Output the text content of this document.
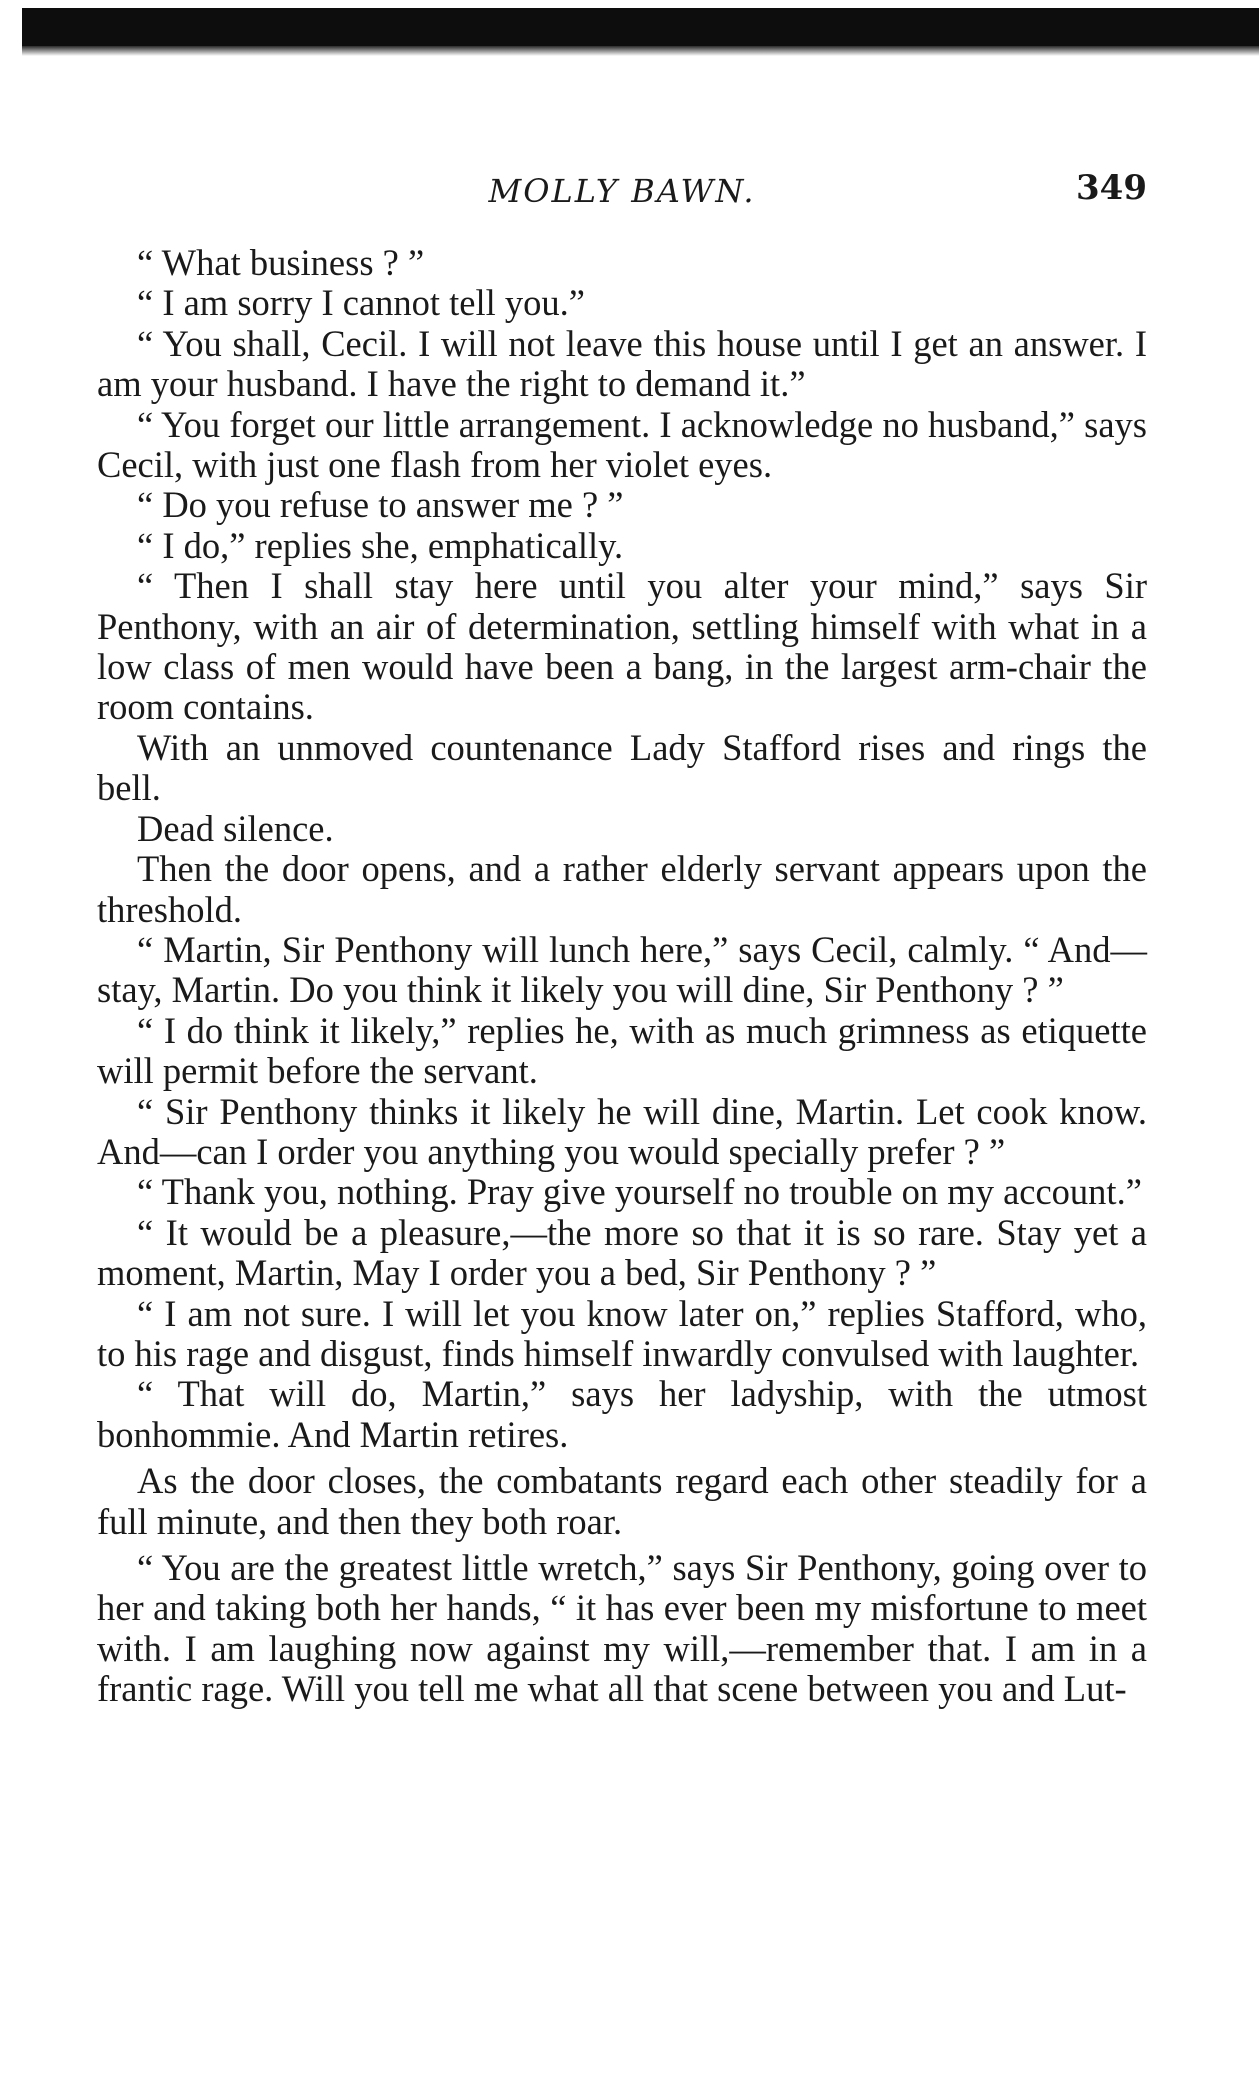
MOLLY BAWN.	349

“ What business ? ”

“ I am sorry I cannot tell you.”

“ You shall, Cecil. I will not leave this house until I get an answer. I am your husband. I have the right to demand it.”

“ You forget our little arrangement. I acknowledge no husband,” says Cecil, with just one flash from her violet eyes.

“ Do you refuse to answer me ? ”

“ I do,” replies she, emphatically.

“ Then I shall stay here until you alter your mind,” says Sir Penthony, with an air of determination, settling himself with what in a low class of men would have been a bang, in the largest arm-chair the room contains.

With an unmoved countenance Lady Stafford rises and rings the bell.

Dead silence.

Then the door opens, and a rather elderly servant appears upon the threshold.

“ Martin, Sir Penthony will lunch here,” says Cecil, calmly. “ And—stay, Martin. Do you think it likely you will dine, Sir Penthony ? ”

“ I do think it likely,” replies he, with as much grimness as etiquette will permit before the servant.

“ Sir Penthony thinks it likely he will dine, Martin. Let cook know. And—can I order you anything you would specially prefer ? ”

“ Thank you, nothing. Pray give yourself no trouble on my account.”

“ It would be a pleasure,—the more so that it is so rare. Stay yet a moment, Martin, May I order you a bed, Sir Penthony ? ”

“ I am not sure. I will let you know later on,” replies Stafford, who, to his rage and disgust, finds himself inwardly convulsed with laughter.

“ That will do, Martin,” says her ladyship, with the utmost bonhommie. And Martin retires.

As the door closes, the combatants regard each other steadily for a full minute, and then they both roar.

“ You are the greatest little wretch,” says Sir Penthony, going over to her and taking both her hands, “ it has ever been my misfortune to meet with. I am laughing now against my will,—remember that. I am in a frantic rage. Will you tell me what all that scene between you and Lut-
